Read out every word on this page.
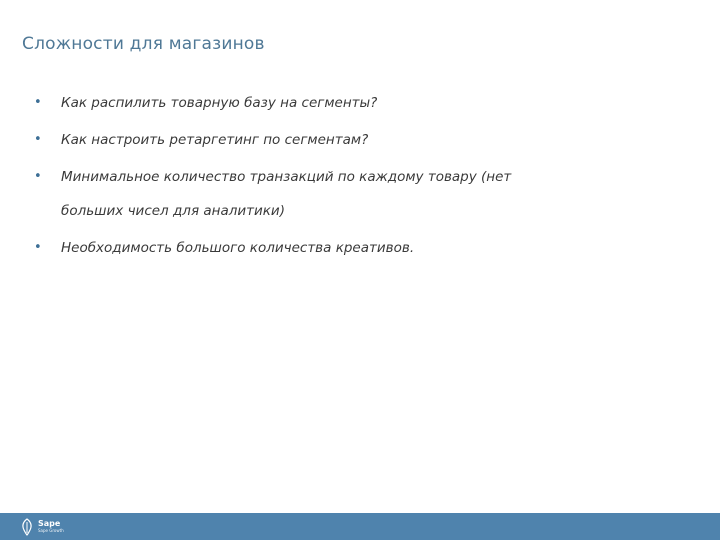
Сложности для магазинов
• Как распилить товарную базу на сегменты?
• Как настроить ретаргетинг по сегментам?
• Минимальное количество транзакций по каждому товару (нет больших чисел для аналитики)
• Необходимость большого количества креативов.
Sape
Sape Growth
